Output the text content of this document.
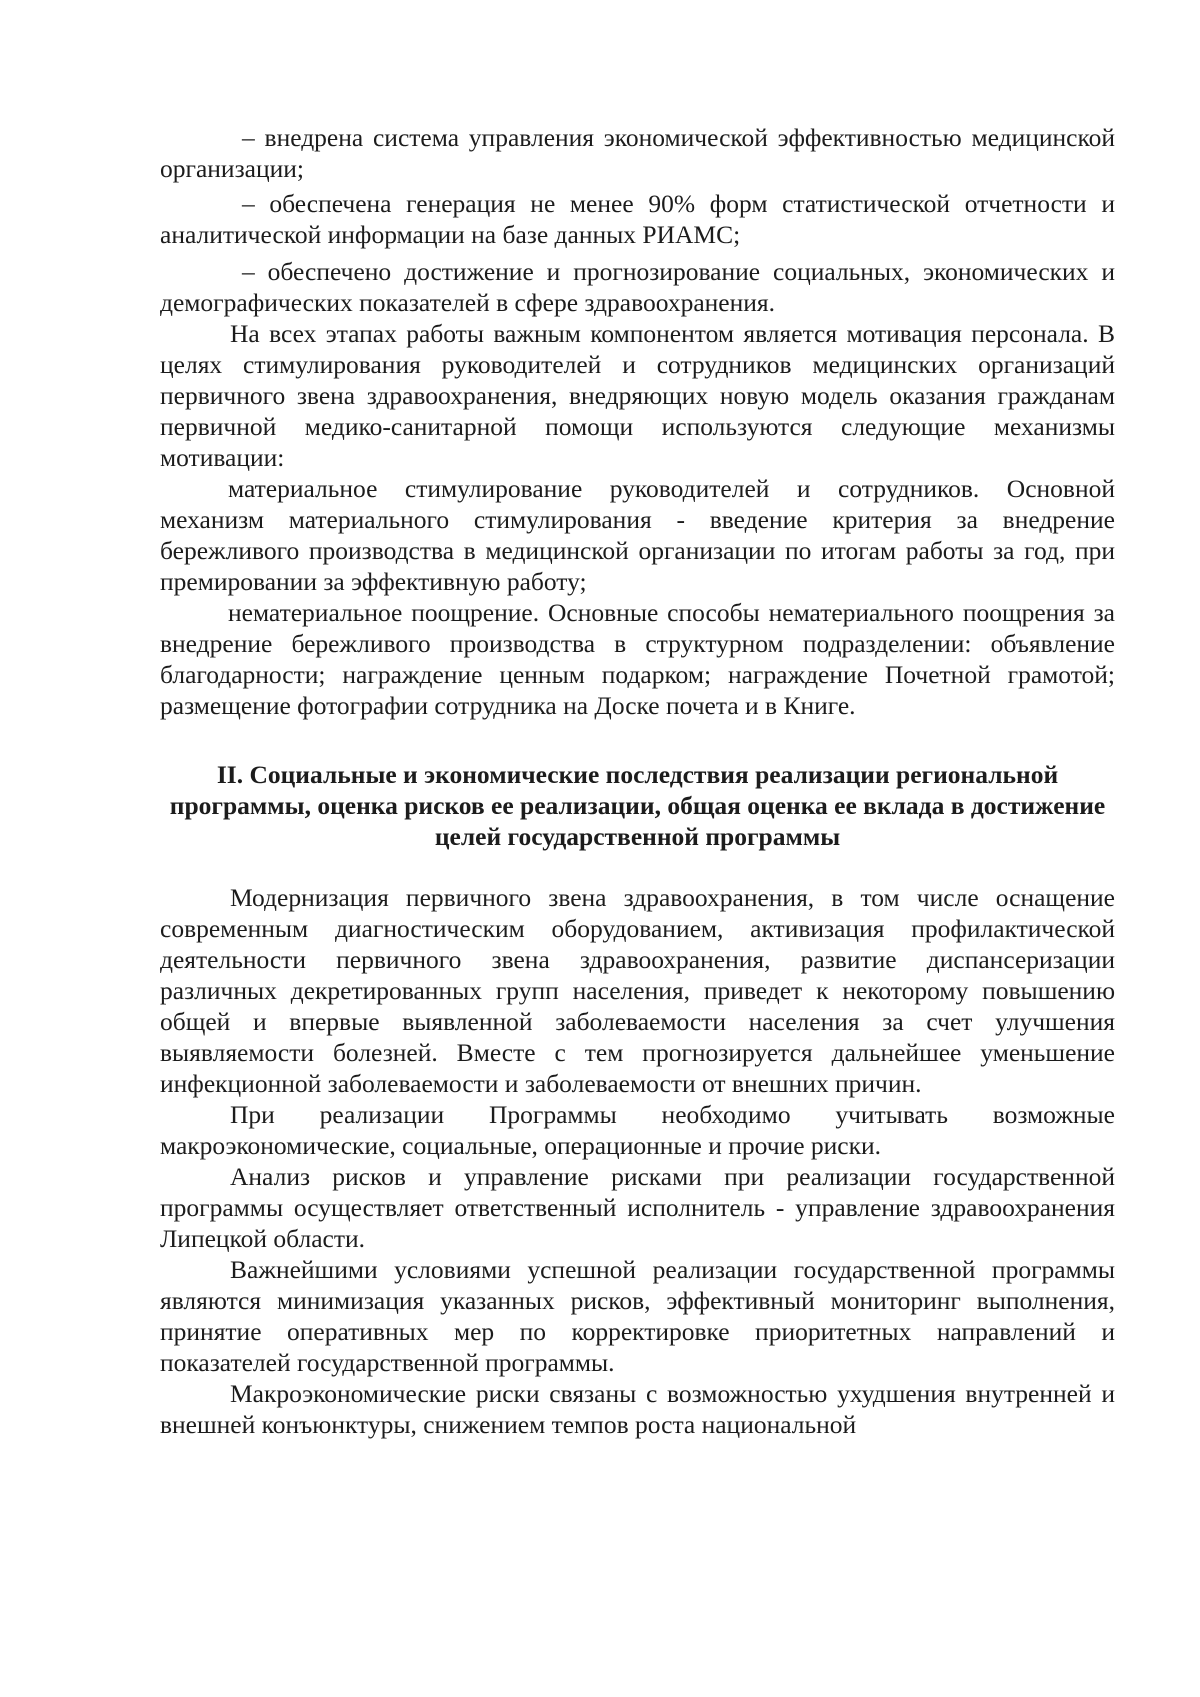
– внедрена система управления экономической эффективностью медицинской организации;

– обеспечена генерация не менее 90% форм статистической отчетности и аналитической информации на базе данных РИАМС;

– обеспечено достижение и прогнозирование социальных, экономических и демографических показателей в сфере здравоохранения.

На всех этапах работы важным компонентом является мотивация персонала. В целях стимулирования руководителей и сотрудников медицинских организаций первичного звена здравоохранения, внедряющих новую модель оказания гражданам первичной медико-санитарной помощи используются следующие механизмы мотивации:

материальное стимулирование руководителей и сотрудников. Основной механизм материального стимулирования - введение критерия за внедрение бережливого производства в медицинской организации по итогам работы за год, при премировании за эффективную работу;

нематериальное поощрение. Основные способы нематериального поощрения за внедрение бережливого производства в структурном подразделении: объявление благодарности; награждение ценным подарком; награждение Почетной грамотой; размещение фотографии сотрудника на Доске почета и в Книге.

II. Социальные и экономические последствия реализации региональной программы, оценка рисков ее реализации, общая оценка ее вклада в достижение целей государственной программы

Модернизация первичного звена здравоохранения, в том числе оснащение современным диагностическим оборудованием, активизация профилактической деятельности первичного звена здравоохранения, развитие диспансеризации различных декретированных групп населения, приведет к некоторому повышению общей и впервые выявленной заболеваемости населения за счет улучшения выявляемости болезней. Вместе с тем прогнозируется дальнейшее уменьшение инфекционной заболеваемости и заболеваемости от внешних причин.

При реализации Программы необходимо учитывать возможные макроэкономические, социальные, операционные и прочие риски.

Анализ рисков и управление рисками при реализации государственной программы осуществляет ответственный исполнитель - управление здравоохранения Липецкой области.

Важнейшими условиями успешной реализации государственной программы являются минимизация указанных рисков, эффективный мониторинг выполнения, принятие оперативных мер по корректировке приоритетных направлений и показателей государственной программы.

Макроэкономические риски связаны с возможностью ухудшения внутренней и внешней конъюнктуры, снижением темпов роста национальной
